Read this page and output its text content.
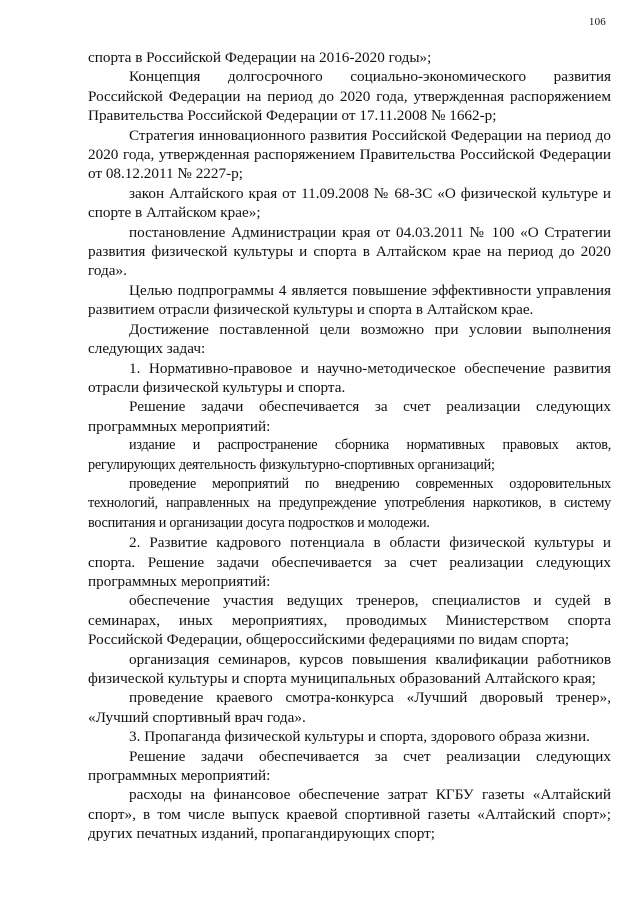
106

спорта в Российской Федерации на 2016-2020 годы»;

Концепция долгосрочного социально-экономического развития Российской Федерации на период до 2020 года, утвержденная распоряжением Правительства Российской Федерации от 17.11.2008 № 1662-р;

Стратегия инновационного развития Российской Федерации на период до 2020 года, утвержденная распоряжением Правительства Российской Федерации от 08.12.2011 № 2227-р;

закон Алтайского края от 11.09.2008 № 68-ЗС «О физической культуре и спорте в Алтайском крае»;

постановление Администрации края от 04.03.2011 № 100 «О Стратегии развития физической культуры и спорта в Алтайском крае на период до 2020 года».

Целью подпрограммы 4 является повышение эффективности управления развитием отрасли физической культуры и спорта в Алтайском крае.

Достижение поставленной цели возможно при условии выполнения следующих задач:

1. Нормативно-правовое и научно-методическое обеспечение развития отрасли физической культуры и спорта.

Решение задачи обеспечивается за счет реализации следующих программных мероприятий:

издание и распространение сборника нормативных правовых актов, регулирующих деятельность физкультурно-спортивных организаций;

проведение мероприятий по внедрению современных оздоровительных технологий, направленных на предупреждение употребления наркотиков, в систему воспитания и организации досуга подростков и молодежи.

2. Развитие кадрового потенциала в области физической культуры и спорта. Решение задачи обеспечивается за счет реализации следующих программных мероприятий:

обеспечение участия ведущих тренеров, специалистов и судей в семинарах, иных мероприятиях, проводимых Министерством спорта Российской Федерации, общероссийскими федерациями по видам спорта;

организация семинаров, курсов повышения квалификации работников физической культуры и спорта муниципальных образований Алтайского края;

проведение краевого смотра-конкурса «Лучший дворовый тренер», «Лучший спортивный врач года».

3. Пропаганда физической культуры и спорта, здорового образа жизни.

Решение задачи обеспечивается за счет реализации следующих программных мероприятий:

расходы на финансовое обеспечение затрат КГБУ газеты «Алтайский спорт», в том числе выпуск краевой спортивной газеты «Алтайский спорт»; других печатных изданий, пропагандирующих спорт;
